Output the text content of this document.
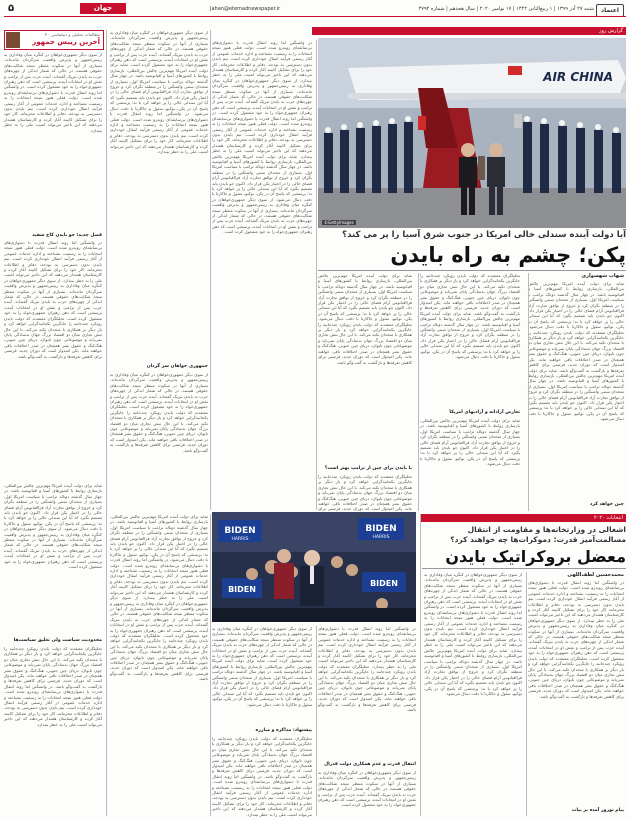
اعتماد
شنبه ۲۷ آذر ۱۳۹۹ | ۱ ربیع‌الثانی ۱۴۴۲ | ۱۷ نوامبر ۲۰۲۰ | سال هجدهم | شماره ۴۷۹۲
Jahan@etemadnewspaper.ir
جهان
۵
گزارش روز
AIR CHINA
©GettyImages
آیا دولت آینده سندلی خالی امریکا در جنوب شرق آسیا را پر می کند؟
پکن؛ چشم به راه بایدن
شهاب شهسواری
شاید برای دولت آینده امریکا مهم‌ترین چالش بین‌المللی، بازسازی روابط با کشورهای آسیا و اقیانوسیه باشد. در چهار سال گذشته دونالد ترامپ با سیاست امریکا اول، بسیاری از متحدان سنتی واشنگتن را در منطقه نگران کرد و خروج از توافق تجارت آزاد فرااقیانوس آرام فضای خالی را در اختیار پکن قرار داد. اکنون جو بایدن باید تصمیم بگیرد که آیا این سندلی خالی را پر خواهد کرد یا نه؛ پرسشی که پاسخ آن در پکن، توکیو، سئول و جاکارتا با دقت دنبال می‌شود. تحلیلگران معتقدند که دولت بایدن رویکرد چندجانبه را جایگزین یکجانبه‌گرایی خواهد کرد و بار دیگر بر همکاری با متحدان تکیه می‌کند. با این حال تنش تجاری میان دو اقتصاد بزرگ جهان به‌سادگی پایان نمی‌یابد و موضوعاتی چون تایوان، دریای چین جنوبی، هنگ‌کنگ و حقوق بشر همچنان در صدر اختلافات باقی خواهند ماند. پکن امیدوار است که دوران جدید، فرصتی برای کاهش تعرفه‌ها و بازگشت به گفت‌وگو باشد. شاید برای دولت آینده امریکا مهم‌ترین چالش بین‌المللی، بازسازی روابط با کشورهای آسیا و اقیانوسیه باشد. در چهار سال گذشته دونالد ترامپ با سیاست امریکا اول، بسیاری از متحدان سنتی واشنگتن را در منطقه نگران کرد و خروج از توافق تجارت آزاد فرااقیانوس آرام فضای خالی را در اختیار پکن قرار داد. اکنون جو بایدن باید تصمیم بگیرد که آیا این سندلی خالی را پر خواهد کرد یا نه؛ پرسشی که پاسخ آن در پکن، توکیو، سئول و جاکارتا با دقت دنبال می‌شود.
چین خواهد کرد
تحلیلگران معتقدند که دولت بایدن رویکرد چندجانبه را جایگزین یکجانبه‌گرایی خواهد کرد و بار دیگر بر همکاری با متحدان تکیه می‌کند. با این حال تنش تجاری میان دو اقتصاد بزرگ جهان به‌سادگی پایان نمی‌یابد و موضوعاتی چون تایوان، دریای چین جنوبی، هنگ‌کنگ و حقوق بشر همچنان در صدر اختلافات باقی خواهند ماند. پکن امیدوار است که دوران جدید، فرصتی برای کاهش تعرفه‌ها و بازگشت به گفت‌وگو باشد. شاید برای دولت آینده امریکا مهم‌ترین چالش بین‌المللی، بازسازی روابط با کشورهای آسیا و اقیانوسیه باشد. در چهار سال گذشته دونالد ترامپ با سیاست امریکا اول، بسیاری از متحدان سنتی واشنگتن را در منطقه نگران کرد و خروج از توافق تجارت آزاد فرااقیانوس آرام فضای خالی را در اختیار پکن قرار داد. اکنون جو بایدن باید تصمیم بگیرد که آیا این سندلی خالی را پر خواهد کرد یا نه؛ پرسشی که پاسخ آن در پکن، توکیو، سئول و جاکارتا با دقت دنبال می‌شود.
تعارض آزادانه و آزادیهای امریکا
شاید برای دولت آینده امریکا مهم‌ترین چالش بین‌المللی، بازسازی روابط با کشورهای آسیا و اقیانوسیه باشد. در چهار سال گذشته دونالد ترامپ با سیاست امریکا اول، بسیاری از متحدان سنتی واشنگتن را در منطقه نگران کرد و خروج از توافق تجارت آزاد فرااقیانوس آرام فضای خالی را در اختیار پکن قرار داد. اکنون جو بایدن باید تصمیم بگیرد که آیا این سندلی خالی را پر خواهد کرد یا نه؛ پرسشی که پاسخ آن در پکن، توکیو، سئول و جاکارتا با دقت دنبال می‌شود.
شاید برای دولت آینده امریکا مهم‌ترین چالش بین‌المللی، بازسازی روابط با کشورهای آسیا و اقیانوسیه باشد. در چهار سال گذشته دونالد ترامپ با سیاست امریکا اول، بسیاری از متحدان سنتی واشنگتن را در منطقه نگران کرد و خروج از توافق تجارت آزاد فرااقیانوس آرام فضای خالی را در اختیار پکن قرار داد. اکنون جو بایدن باید تصمیم بگیرد که آیا این سندلی خالی را پر خواهد کرد یا نه؛ پرسشی که پاسخ آن در پکن، توکیو، سئول و جاکارتا با دقت دنبال می‌شود. تحلیلگران معتقدند که دولت بایدن رویکرد چندجانبه را جایگزین یکجانبه‌گرایی خواهد کرد و بار دیگر بر همکاری با متحدان تکیه می‌کند. با این حال تنش تجاری میان دو اقتصاد بزرگ جهان به‌سادگی پایان نمی‌یابد و موضوعاتی چون تایوان، دریای چین جنوبی، هنگ‌کنگ و حقوق بشر همچنان در صدر اختلافات باقی خواهند ماند. پکن امیدوار است که دوران جدید، فرصتی برای کاهش تعرفه‌ها و بازگشت به گفت‌وگو باشد.
با بایدن برای چین از ترامپ بهتر است؟
تحلیلگران معتقدند که دولت بایدن رویکرد چندجانبه را جایگزین یکجانبه‌گرایی خواهد کرد و بار دیگر بر همکاری با متحدان تکیه می‌کند. با این حال تنش تجاری میان دو اقتصاد بزرگ جهان به‌سادگی پایان نمی‌یابد و موضوعاتی چون تایوان، دریای چین جنوبی، هنگ‌کنگ و حقوق بشر همچنان در صدر اختلافات باقی خواهند ماند. پکن امیدوار است که دوران جدید، فرصتی برای
در واشنگتن اما روند انتقال قدرت با دشواری‌های بی‌سابقه‌ای روبه‌رو شده است. دولت فعلی هنوز نتیجه انتخابات را به رسمیت نشناخته و اداره خدمات عمومی از آغاز رسمی فرآیند انتقال خودداری کرده است. تیم بایدن بدون دسترسی به بودجه، دفاتر و اطلاعات محرمانه، کار خود را برای تشکیل کابینه آغاز کرده و کارشناسان هشدار می‌دهند که این تاخیر می‌تواند امنیت ملی را به خطر بیندازد. از سوی دیگر جمهوری‌خواهان در کنگره میان وفاداری به رییس‌جمهور و پذیرش واقعیت سرگردان مانده‌اند. بسیاری از آنها در سکوت منتظر نتیجه شکایت‌های حقوقی هستند، در حالی که شمار اندکی از چهره‌های حزب به بایدن تبریک گفته‌اند. آینده حزب پس از ترامپ و نقش او در انتخابات آینده، پرسشی است که ذهن رهبران جمهوری‌خواه را به خود مشغول کرده است. در واشنگتن اما روند انتقال قدرت با دشواری‌های بی‌سابقه‌ای روبه‌رو شده است. دولت فعلی هنوز نتیجه انتخابات را به رسمیت نشناخته و اداره خدمات عمومی از آغاز رسمی فرآیند انتقال خودداری کرده است. تیم بایدن بدون دسترسی به بودجه، دفاتر و اطلاعات محرمانه، کار خود را برای تشکیل کابینه آغاز کرده و کارشناسان هشدار می‌دهند که این تاخیر می‌تواند امنیت ملی را به خطر بیندازد. شاید برای دولت آینده امریکا مهم‌ترین چالش بین‌المللی، بازسازی روابط با کشورهای آسیا و اقیانوسیه باشد. در چهار سال گذشته دونالد ترامپ با سیاست امریکا اول، بسیاری از متحدان سنتی واشنگتن را در منطقه نگران کرد و خروج از توافق تجارت آزاد فرااقیانوس آرام فضای خالی را در اختیار پکن قرار داد. اکنون جو بایدن باید تصمیم بگیرد که آیا این سندلی خالی را پر خواهد کرد یا نه؛ پرسشی که پاسخ آن در پکن، توکیو، سئول و جاکارتا با دقت دنبال می‌شود. از سوی دیگر جمهوری‌خواهان در کنگره میان وفاداری به رییس‌جمهور و پذیرش واقعیت سرگردان مانده‌اند. بسیاری از آنها در سکوت منتظر نتیجه شکایت‌های حقوقی هستند، در حالی که شمار اندکی از چهره‌های حزب به بایدن تبریک گفته‌اند. آینده حزب پس از ترامپ و نقش او در انتخابات آینده، پرسشی است که ذهن رهبران جمهوری‌خواه را به خود مشغول کرده است.
مطالعات تحلیلی و دیپلماسی ۴۰
آخرین رییس جمهور
از سوی دیگر جمهوری‌خواهان در کنگره میان وفاداری به رییس‌جمهور و پذیرش واقعیت سرگردان مانده‌اند. بسیاری از آنها در سکوت منتظر نتیجه شکایت‌های حقوقی هستند، در حالی که شمار اندکی از چهره‌های حزب به بایدن تبریک گفته‌اند. آینده حزب پس از ترامپ و نقش او در انتخابات آینده، پرسشی است که ذهن رهبران جمهوری‌خواه را به خود مشغول کرده است. در واشنگتن اما روند انتقال قدرت با دشواری‌های بی‌سابقه‌ای روبه‌رو شده است. دولت فعلی هنوز نتیجه انتخابات را به رسمیت نشناخته و اداره خدمات عمومی از آغاز رسمی فرآیند انتقال خودداری کرده است. تیم بایدن بدون دسترسی به بودجه، دفاتر و اطلاعات محرمانه، کار خود را برای تشکیل کابینه آغاز کرده و کارشناسان هشدار می‌دهند که این تاخیر می‌تواند امنیت ملی را به خطر بیندازد.
فصل جدید؛ جو بایدن کاخ سفید
در واشنگتن اما روند انتقال قدرت با دشواری‌های بی‌سابقه‌ای روبه‌رو شده است. دولت فعلی هنوز نتیجه انتخابات را به رسمیت نشناخته و اداره خدمات عمومی از آغاز رسمی فرآیند انتقال خودداری کرده است. تیم بایدن بدون دسترسی به بودجه، دفاتر و اطلاعات محرمانه، کار خود را برای تشکیل کابینه آغاز کرده و کارشناسان هشدار می‌دهند که این تاخیر می‌تواند امنیت ملی را به خطر بیندازد. از سوی دیگر جمهوری‌خواهان در کنگره میان وفاداری به رییس‌جمهور و پذیرش واقعیت سرگردان مانده‌اند. بسیاری از آنها در سکوت منتظر نتیجه شکایت‌های حقوقی هستند، در حالی که شمار اندکی از چهره‌های حزب به بایدن تبریک گفته‌اند. آینده حزب پس از ترامپ و نقش او در انتخابات آینده، پرسشی است که ذهن رهبران جمهوری‌خواه را به خود مشغول کرده است. تحلیلگران معتقدند که دولت بایدن رویکرد چندجانبه را جایگزین یکجانبه‌گرایی خواهد کرد و بار دیگر بر همکاری با متحدان تکیه می‌کند. با این حال تنش تجاری میان دو اقتصاد بزرگ جهان به‌سادگی پایان نمی‌یابد و موضوعاتی چون تایوان، دریای چین جنوبی، هنگ‌کنگ و حقوق بشر همچنان در صدر اختلافات باقی خواهند ماند. پکن امیدوار است که دوران جدید، فرصتی برای کاهش تعرفه‌ها و بازگشت به گفت‌وگو باشد.
محدودیت سیاست ولی تغلیق سیاست‌ها
شاید برای دولت آینده امریکا مهم‌ترین چالش بین‌المللی، بازسازی روابط با کشورهای آسیا و اقیانوسیه باشد. در چهار سال گذشته دونالد ترامپ با سیاست امریکا اول، بسیاری از متحدان سنتی واشنگتن را در منطقه نگران کرد و خروج از توافق تجارت آزاد فرااقیانوس آرام فضای خالی را در اختیار پکن قرار داد. اکنون جو بایدن باید تصمیم بگیرد که آیا این سندلی خالی را پر خواهد کرد یا نه؛ پرسشی که پاسخ آن در پکن، توکیو، سئول و جاکارتا با دقت دنبال می‌شود. از سوی دیگر جمهوری‌خواهان در کنگره میان وفاداری به رییس‌جمهور و پذیرش واقعیت سرگردان مانده‌اند. بسیاری از آنها در سکوت منتظر نتیجه شکایت‌های حقوقی هستند، در حالی که شمار اندکی از چهره‌های حزب به بایدن تبریک گفته‌اند. آینده حزب پس از ترامپ و نقش او در انتخابات آینده، پرسشی است که ذهن رهبران جمهوری‌خواه را به خود مشغول کرده است.
تحلیلگران معتقدند که دولت بایدن رویکرد چندجانبه را جایگزین یکجانبه‌گرایی خواهد کرد و بار دیگر بر همکاری با متحدان تکیه می‌کند. با این حال تنش تجاری میان دو اقتصاد بزرگ جهان به‌سادگی پایان نمی‌یابد و موضوعاتی چون تایوان، دریای چین جنوبی، هنگ‌کنگ و حقوق بشر همچنان در صدر اختلافات باقی خواهند ماند. پکن امیدوار است که دوران جدید، فرصتی برای کاهش تعرفه‌ها و بازگشت به گفت‌وگو باشد. در واشنگتن اما روند انتقال قدرت با دشواری‌های بی‌سابقه‌ای روبه‌رو شده است. دولت فعلی هنوز نتیجه انتخابات را به رسمیت نشناخته و اداره خدمات عمومی از آغاز رسمی فرآیند انتقال خودداری کرده است. تیم بایدن بدون دسترسی به بودجه، دفاتر و اطلاعات محرمانه، کار خود را برای تشکیل کابینه آغاز کرده و کارشناسان هشدار می‌دهند که این تاخیر می‌تواند امنیت ملی را به خطر بیندازد.
از سوی دیگر جمهوری‌خواهان در کنگره میان وفاداری به رییس‌جمهور و پذیرش واقعیت سرگردان مانده‌اند. بسیاری از آنها در سکوت منتظر نتیجه شکایت‌های حقوقی هستند، در حالی که شمار اندکی از چهره‌های حزب به بایدن تبریک گفته‌اند. آینده حزب پس از ترامپ و نقش او در انتخابات آینده، پرسشی است که ذهن رهبران جمهوری‌خواه را به خود مشغول کرده است. شاید برای دولت آینده امریکا مهم‌ترین چالش بین‌المللی، بازسازی روابط با کشورهای آسیا و اقیانوسیه باشد. در چهار سال گذشته دونالد ترامپ با سیاست امریکا اول، بسیاری از متحدان سنتی واشنگتن را در منطقه نگران کرد و خروج از توافق تجارت آزاد فرااقیانوس آرام فضای خالی را در اختیار پکن قرار داد. اکنون جو بایدن باید تصمیم بگیرد که آیا این سندلی خالی را پر خواهد کرد یا نه؛ پرسشی که پاسخ آن در پکن، توکیو، سئول و جاکارتا با دقت دنبال می‌شود. در واشنگتن اما روند انتقال قدرت با دشواری‌های بی‌سابقه‌ای روبه‌رو شده است. دولت فعلی هنوز نتیجه انتخابات را به رسمیت نشناخته و اداره خدمات عمومی از آغاز رسمی فرآیند انتقال خودداری کرده است. تیم بایدن بدون دسترسی به بودجه، دفاتر و اطلاعات محرمانه، کار خود را برای تشکیل کابینه آغاز کرده و کارشناسان هشدار می‌دهند که این تاخیر می‌تواند امنیت ملی را به خطر بیندازد.
جمهوری خواهان سر گردان
از سوی دیگر جمهوری‌خواهان در کنگره میان وفاداری به رییس‌جمهور و پذیرش واقعیت سرگردان مانده‌اند. بسیاری از آنها در سکوت منتظر نتیجه شکایت‌های حقوقی هستند، در حالی که شمار اندکی از چهره‌های حزب به بایدن تبریک گفته‌اند. آینده حزب پس از ترامپ و نقش او در انتخابات آینده، پرسشی است که ذهن رهبران جمهوری‌خواه را به خود مشغول کرده است. تحلیلگران معتقدند که دولت بایدن رویکرد چندجانبه را جایگزین یکجانبه‌گرایی خواهد کرد و بار دیگر بر همکاری با متحدان تکیه می‌کند. با این حال تنش تجاری میان دو اقتصاد بزرگ جهان به‌سادگی پایان نمی‌یابد و موضوعاتی چون تایوان، دریای چین جنوبی، هنگ‌کنگ و حقوق بشر همچنان در صدر اختلافات باقی خواهند ماند. پکن امیدوار است که دوران جدید، فرصتی برای کاهش تعرفه‌ها و بازگشت به گفت‌وگو باشد.
انتخابات ۲۰۲۰
اشغالی در وزارتخانه‌ها و مقاومت از انتقال مسالمت‌آمیز قدرت: دموکرات‌ها چه خواهند کرد؟
معضل بروکراتیک بایدن
BIDEN
HARRIS
BIDEN
HARRIS
BIDEN
BIDEN
محمدحسین لطف‌اللهی
در واشنگتن اما روند انتقال قدرت با دشواری‌های بی‌سابقه‌ای روبه‌رو شده است. دولت فعلی هنوز نتیجه انتخابات را به رسمیت نشناخته و اداره خدمات عمومی از آغاز رسمی فرآیند انتقال خودداری کرده است. تیم بایدن بدون دسترسی به بودجه، دفاتر و اطلاعات محرمانه، کار خود را برای تشکیل کابینه آغاز کرده و کارشناسان هشدار می‌دهند که این تاخیر می‌تواند امنیت ملی را به خطر بیندازد. از سوی دیگر جمهوری‌خواهان در کنگره میان وفاداری به رییس‌جمهور و پذیرش واقعیت سرگردان مانده‌اند. بسیاری از آنها در سکوت منتظر نتیجه شکایت‌های حقوقی هستند، در حالی که شمار اندکی از چهره‌های حزب به بایدن تبریک گفته‌اند. آینده حزب پس از ترامپ و نقش او در انتخابات آینده، پرسشی است که ذهن رهبران جمهوری‌خواه را به خود مشغول کرده است. تحلیلگران معتقدند که دولت بایدن رویکرد چندجانبه را جایگزین یکجانبه‌گرایی خواهد کرد و بار دیگر بر همکاری با متحدان تکیه می‌کند. با این حال تنش تجاری میان دو اقتصاد بزرگ جهان به‌سادگی پایان نمی‌یابد و موضوعاتی چون تایوان، دریای چین جنوبی، هنگ‌کنگ و حقوق بشر همچنان در صدر اختلافات باقی خواهند ماند. پکن امیدوار است که دوران جدید، فرصتی برای کاهش تعرفه‌ها و بازگشت به گفت‌وگو باشد.
پیام نوروز آمده بر بیات
از سوی دیگر جمهوری‌خواهان در کنگره میان وفاداری به رییس‌جمهور و پذیرش واقعیت سرگردان مانده‌اند. بسیاری از آنها در سکوت منتظر نتیجه شکایت‌های حقوقی هستند، در حالی که شمار اندکی از چهره‌های حزب به بایدن تبریک گفته‌اند. آینده حزب پس از ترامپ و نقش او در انتخابات آینده، پرسشی است که ذهن رهبران جمهوری‌خواه را به خود مشغول کرده است. در واشنگتن اما روند انتقال قدرت با دشواری‌های بی‌سابقه‌ای روبه‌رو شده است. دولت فعلی هنوز نتیجه انتخابات را به رسمیت نشناخته و اداره خدمات عمومی از آغاز رسمی فرآیند انتقال خودداری کرده است. تیم بایدن بدون دسترسی به بودجه، دفاتر و اطلاعات محرمانه، کار خود را برای تشکیل کابینه آغاز کرده و کارشناسان هشدار می‌دهند که این تاخیر می‌تواند امنیت ملی را به خطر بیندازد. شاید برای دولت آینده امریکا مهم‌ترین چالش بین‌المللی، بازسازی روابط با کشورهای آسیا و اقیانوسیه باشد. در چهار سال گذشته دونالد ترامپ با سیاست امریکا اول، بسیاری از متحدان سنتی واشنگتن را در منطقه نگران کرد و خروج از توافق تجارت آزاد فرااقیانوس آرام فضای خالی را در اختیار پکن قرار داد. اکنون جو بایدن باید تصمیم بگیرد که آیا این سندلی خالی را پر خواهد کرد یا نه؛ پرسشی که پاسخ آن در پکن، توکیو، سئول و جاکارتا با دقت دنبال می‌شود.
در واشنگتن اما روند انتقال قدرت با دشواری‌های بی‌سابقه‌ای روبه‌رو شده است. دولت فعلی هنوز نتیجه انتخابات را به رسمیت نشناخته و اداره خدمات عمومی از آغاز رسمی فرآیند انتقال خودداری کرده است. تیم بایدن بدون دسترسی به بودجه، دفاتر و اطلاعات محرمانه، کار خود را برای تشکیل کابینه آغاز کرده و کارشناسان هشدار می‌دهند که این تاخیر می‌تواند امنیت ملی را به خطر بیندازد. تحلیلگران معتقدند که دولت بایدن رویکرد چندجانبه را جایگزین یکجانبه‌گرایی خواهد کرد و بار دیگر بر همکاری با متحدان تکیه می‌کند. با این حال تنش تجاری میان دو اقتصاد بزرگ جهان به‌سادگی پایان نمی‌یابد و موضوعاتی چون تایوان، دریای چین جنوبی، هنگ‌کنگ و حقوق بشر همچنان در صدر اختلافات باقی خواهند ماند. پکن امیدوار است که دوران جدید، فرصتی برای کاهش تعرفه‌ها و بازگشت به گفت‌وگو باشد.
انتقال قدرت و عدم همکاری دولت فدرال
از سوی دیگر جمهوری‌خواهان در کنگره میان وفاداری به رییس‌جمهور و پذیرش واقعیت سرگردان مانده‌اند. بسیاری از آنها در سکوت منتظر نتیجه شکایت‌های حقوقی هستند، در حالی که شمار اندکی از چهره‌های حزب به بایدن تبریک گفته‌اند. آینده حزب پس از ترامپ و نقش او در انتخابات آینده، پرسشی است که ذهن رهبران جمهوری‌خواه را به خود مشغول کرده است.
از سوی دیگر جمهوری‌خواهان در کنگره میان وفاداری به رییس‌جمهور و پذیرش واقعیت سرگردان مانده‌اند. بسیاری از آنها در سکوت منتظر نتیجه شکایت‌های حقوقی هستند، در حالی که شمار اندکی از چهره‌های حزب به بایدن تبریک گفته‌اند. آینده حزب پس از ترامپ و نقش او در انتخابات آینده، پرسشی است که ذهن رهبران جمهوری‌خواه را به خود مشغول کرده است. شاید برای دولت آینده امریکا مهم‌ترین چالش بین‌المللی، بازسازی روابط با کشورهای آسیا و اقیانوسیه باشد. در چهار سال گذشته دونالد ترامپ با سیاست امریکا اول، بسیاری از متحدان سنتی واشنگتن را در منطقه نگران کرد و خروج از توافق تجارت آزاد فرااقیانوس آرام فضای خالی را در اختیار پکن قرار داد. اکنون جو بایدن باید تصمیم بگیرد که آیا این سندلی خالی را پر خواهد کرد یا نه؛ پرسشی که پاسخ آن در پکن، توکیو، سئول و جاکارتا با دقت دنبال می‌شود.
پیشنهاد: مذاکره و مبارزه
تحلیلگران معتقدند که دولت بایدن رویکرد چندجانبه را جایگزین یکجانبه‌گرایی خواهد کرد و بار دیگر بر همکاری با متحدان تکیه می‌کند. با این حال تنش تجاری میان دو اقتصاد بزرگ جهان به‌سادگی پایان نمی‌یابد و موضوعاتی چون تایوان، دریای چین جنوبی، هنگ‌کنگ و حقوق بشر همچنان در صدر اختلافات باقی خواهند ماند. پکن امیدوار است که دوران جدید، فرصتی برای کاهش تعرفه‌ها و بازگشت به گفت‌وگو باشد. در واشنگتن اما روند انتقال قدرت با دشواری‌های بی‌سابقه‌ای روبه‌رو شده است. دولت فعلی هنوز نتیجه انتخابات را به رسمیت نشناخته و اداره خدمات عمومی از آغاز رسمی فرآیند انتقال خودداری کرده است. تیم بایدن بدون دسترسی به بودجه، دفاتر و اطلاعات محرمانه، کار خود را برای تشکیل کابینه آغاز کرده و کارشناسان هشدار می‌دهند که این تاخیر می‌تواند امنیت ملی را به خطر بیندازد.
شاید برای دولت آینده امریکا مهم‌ترین چالش بین‌المللی، بازسازی روابط با کشورهای آسیا و اقیانوسیه باشد. در چهار سال گذشته دونالد ترامپ با سیاست امریکا اول، بسیاری از متحدان سنتی واشنگتن را در منطقه نگران کرد و خروج از توافق تجارت آزاد فرااقیانوس آرام فضای خالی را در اختیار پکن قرار داد. اکنون جو بایدن باید تصمیم بگیرد که آیا این سندلی خالی را پر خواهد کرد یا نه؛ پرسشی که پاسخ آن در پکن، توکیو، سئول و جاکارتا با دقت دنبال می‌شود. در واشنگتن اما روند انتقال قدرت با دشواری‌های بی‌سابقه‌ای روبه‌رو شده است. دولت فعلی هنوز نتیجه انتخابات را به رسمیت نشناخته و اداره خدمات عمومی از آغاز رسمی فرآیند انتقال خودداری کرده است. تیم بایدن بدون دسترسی به بودجه، دفاتر و اطلاعات محرمانه، کار خود را برای تشکیل کابینه آغاز کرده و کارشناسان هشدار می‌دهند که این تاخیر می‌تواند امنیت ملی را به خطر بیندازد. از سوی دیگر جمهوری‌خواهان در کنگره میان وفاداری به رییس‌جمهور و پذیرش واقعیت سرگردان مانده‌اند. بسیاری از آنها در سکوت منتظر نتیجه شکایت‌های حقوقی هستند، در حالی که شمار اندکی از چهره‌های حزب به بایدن تبریک گفته‌اند. آینده حزب پس از ترامپ و نقش او در انتخابات آینده، پرسشی است که ذهن رهبران جمهوری‌خواه را به خود مشغول کرده است. تحلیلگران معتقدند که دولت بایدن رویکرد چندجانبه را جایگزین یکجانبه‌گرایی خواهد کرد و بار دیگر بر همکاری با متحدان تکیه می‌کند. با این حال تنش تجاری میان دو اقتصاد بزرگ جهان به‌سادگی پایان نمی‌یابد و موضوعاتی چون تایوان، دریای چین جنوبی، هنگ‌کنگ و حقوق بشر همچنان در صدر اختلافات باقی خواهند ماند. پکن امیدوار است که دوران جدید، فرصتی برای کاهش تعرفه‌ها و بازگشت به گفت‌وگو باشد.
